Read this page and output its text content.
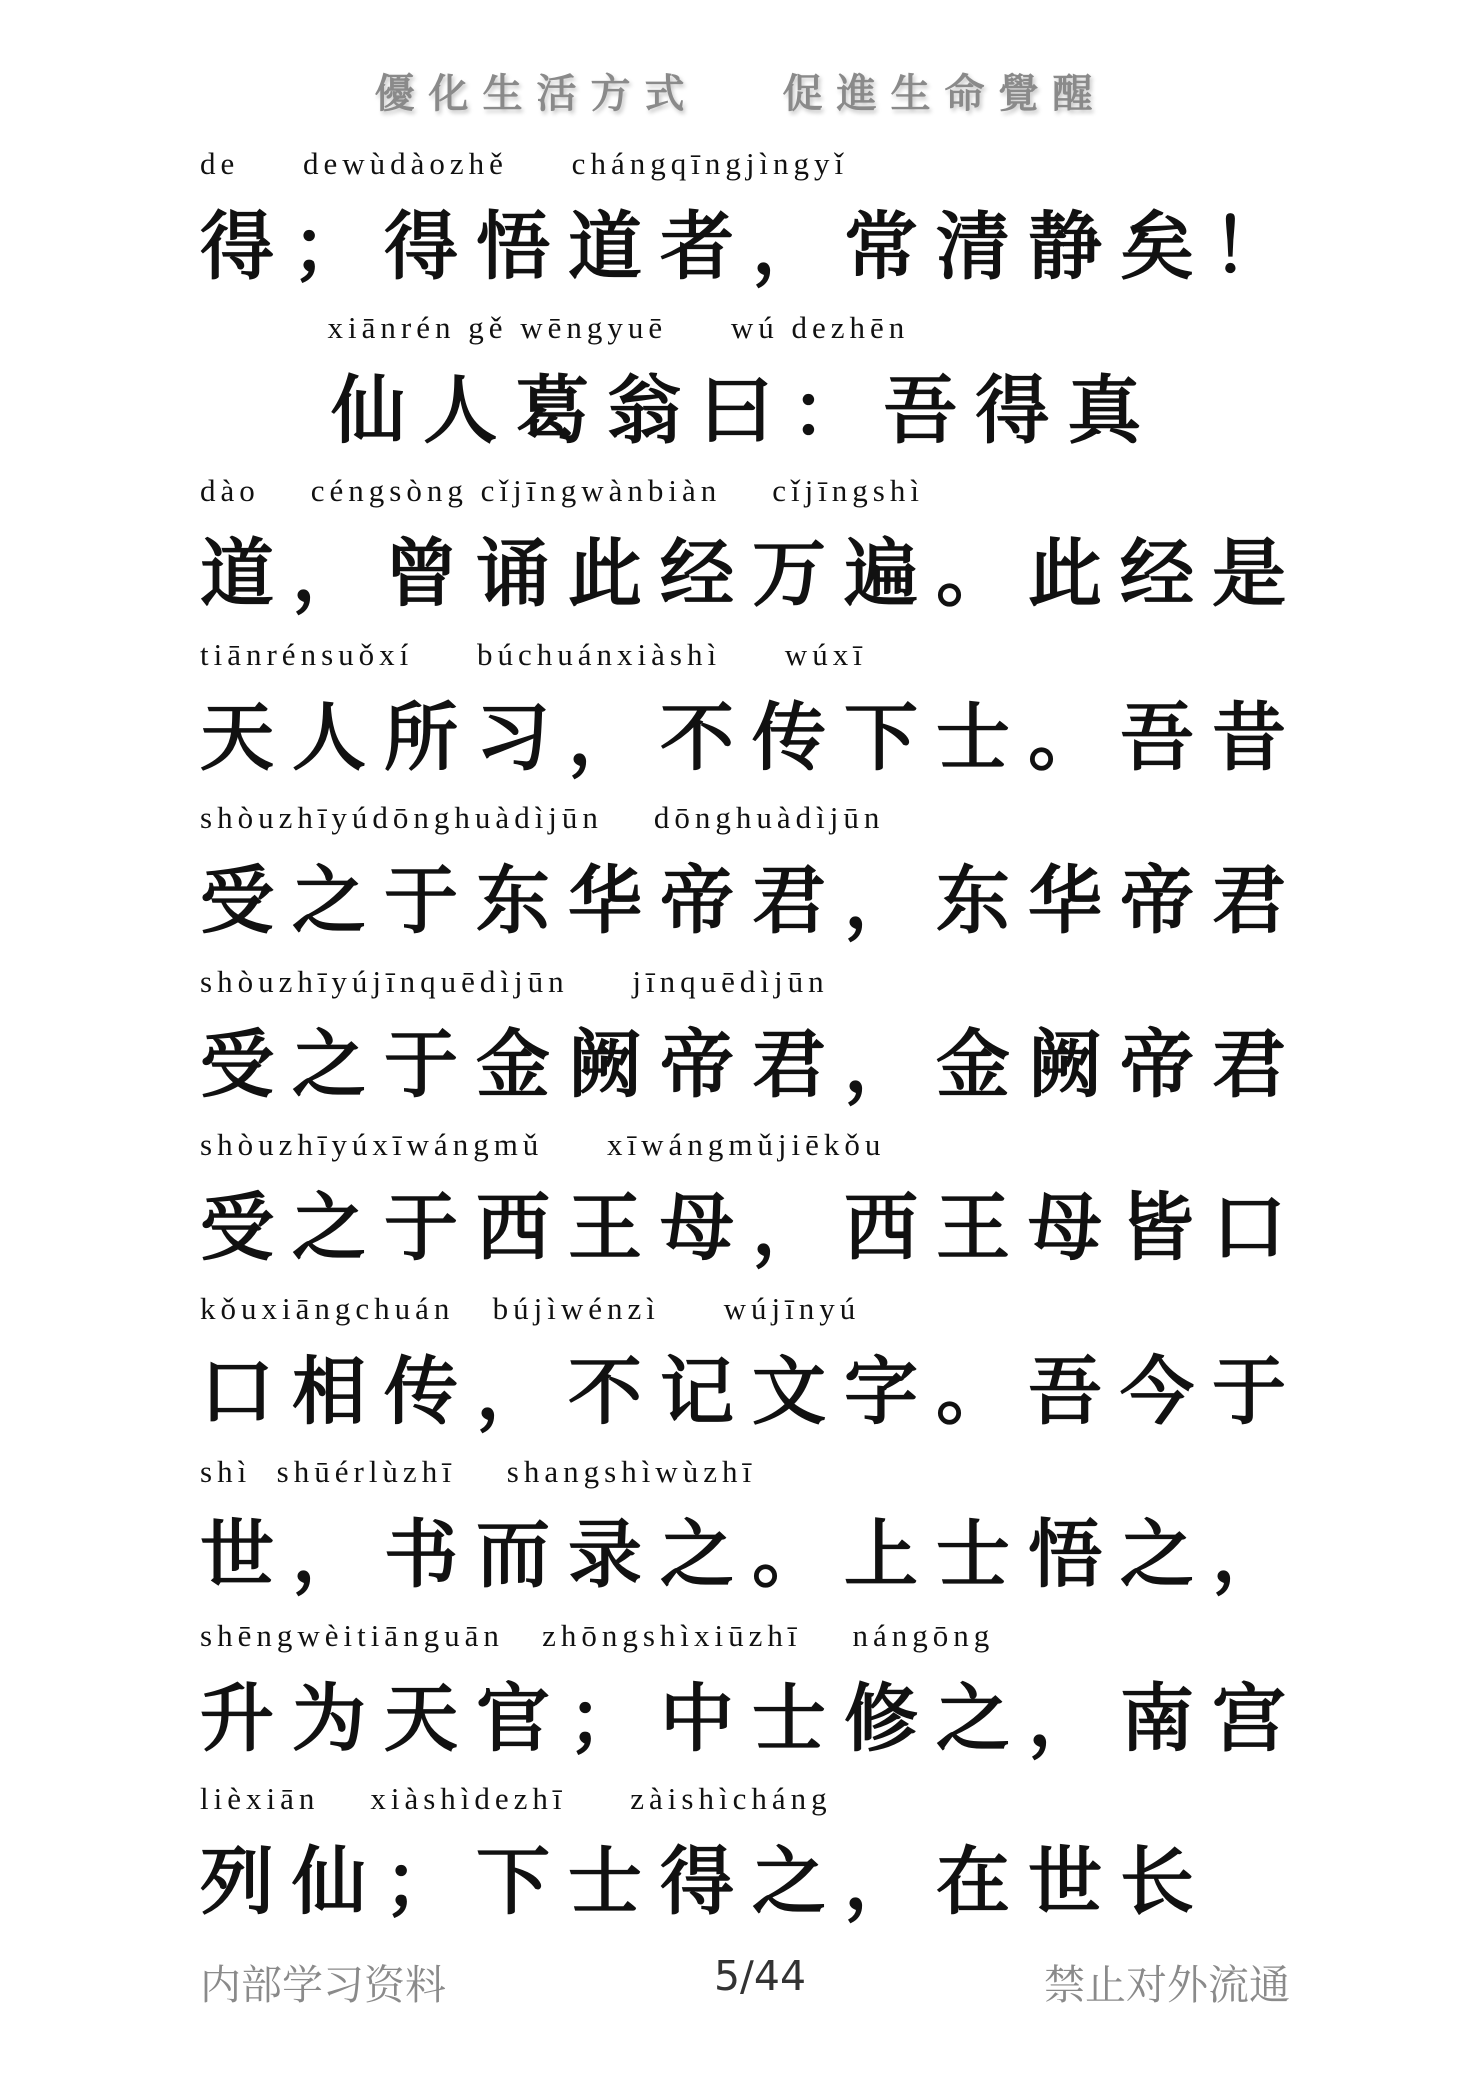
優化生活方式 促進生命覺醒
de     dewùdàozhě     chángqīngjìngyǐ
得；得悟道者，常清静矣！
xiānrén gě wēngyuē     wú dezhēn
仙人葛翁曰：吾得真
dào    céngsòng cǐjīngwànbiàn    cǐjīngshì
道，曾诵此经万遍。此经是
tiānrénsuǒxí     búchuánxiàshì     wúxī
天人所习，不传下士。吾昔
shòuzhīyúdōnghuàdìjūn    dōnghuàdìjūn
受之于东华帝君，东华帝君
shòuzhīyújīnquēdìjūn     jīnquēdìjūn
受之于金阙帝君，金阙帝君
shòuzhīyúxīwángmǔ     xīwángmǔjiēkǒu
受之于西王母，西王母皆口
kǒuxiāngchuán   bújìwénzì     wújīnyú
口相传，不记文字。吾今于
shì  shūérlùzhī    shangshìwùzhī
世，书而录之。上士悟之，
shēngwèitiānguān   zhōngshìxiūzhī    nángōng
升为天官；中士修之，南宫
lièxiān    xiàshìdezhī     zàishìcháng
列仙；下士得之，在世长
内部学习资料	5/44	禁止对外流通
